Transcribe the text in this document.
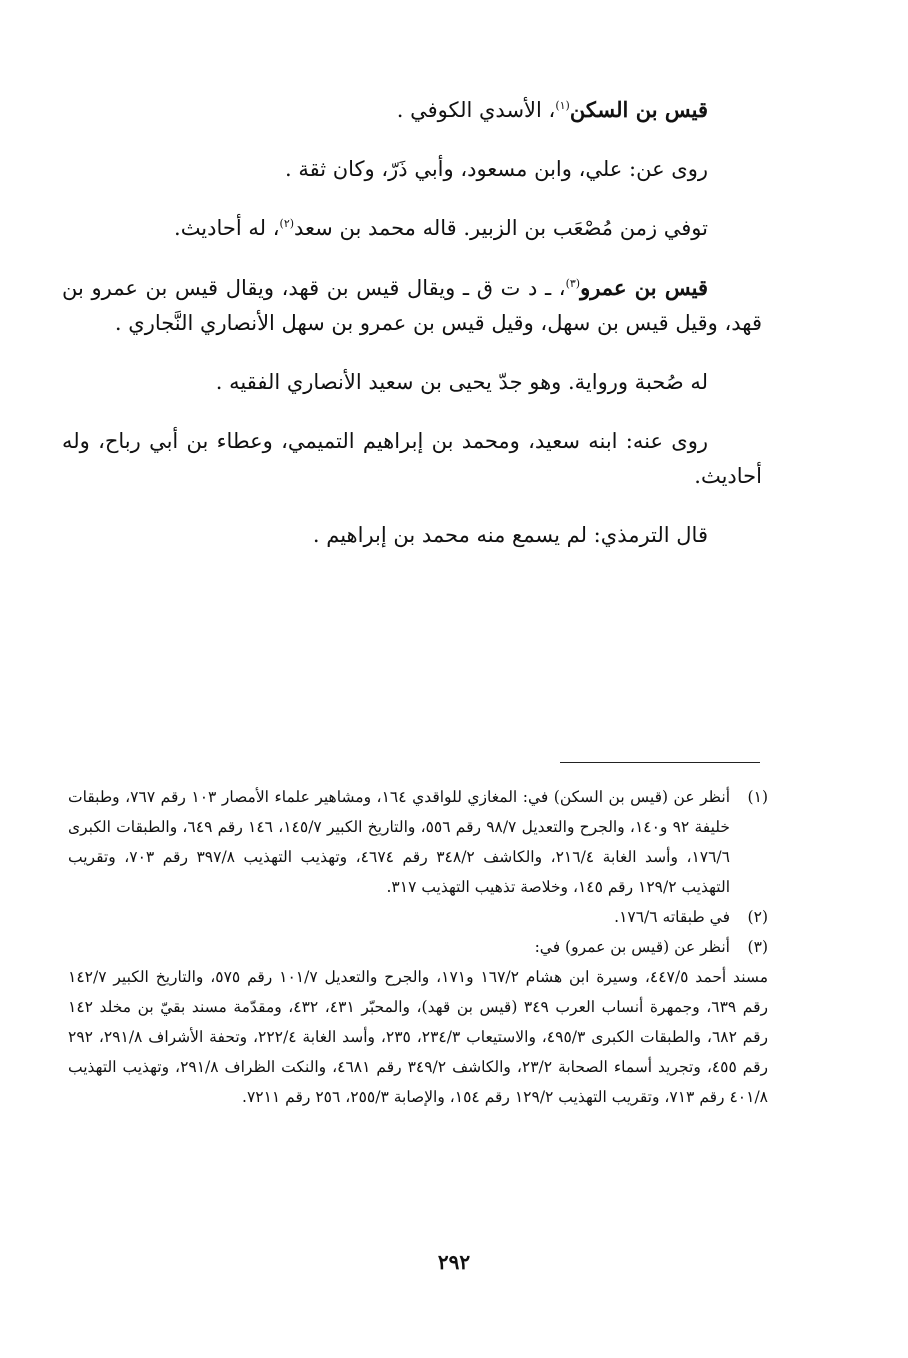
قيس بن السكن$^{(١)}$، الأسدي الكوفي .

روى عن: علي، وابن مسعود، وأبي ذَرّ، وكان ثقة .

توفي زمن مُصْعَب بن الزبير. قاله محمد بن سعد$^{(٢)}$، له أحاديث.

قيس بن عمرو$^{(٣)}$، ـ د ت ق ـ ويقال قيس بن قهد، ويقال قيس بن عمرو بن قهد، وقيل قيس بن سهل، وقيل قيس بن عمرو بن سهل الأنصاري النَّجاري .

له صُحبة ورواية. وهو جدّ يحيى بن سعيد الأنصاري الفقيه .

روى عنه: ابنه سعيد، ومحمد بن إبراهيم التميمي، وعطاء بن أبي رباح، وله أحاديث.

قال الترمذي: لم يسمع منه محمد بن إبراهيم .

(١)
أنظر عن (قيس بن السكن) في: المغازي للواقدي ١٦٤، ومشاهير علماء الأمصار ١٠٣ رقم ٧٦٧، وطبقات خليفة ٩٢ و١٤٠، والجرح والتعديل ٩٨/٧ رقم ٥٥٦، والتاريخ الكبير ١٤٥/٧، ١٤٦ رقم ٦٤٩، والطبقات الكبرى ١٧٦/٦، وأسد الغابة ٢١٦/٤، والكاشف ٣٤٨/٢ رقم ٤٦٧٤، وتهذيب التهذيب ٣٩٧/٨ رقم ٧٠٣، وتقريب التهذيب ١٢٩/٢ رقم ١٤٥، وخلاصة تذهيب التهذيب ٣١٧.
(٢)
في طبقاته ١٧٦/٦.
(٣)
أنظر عن (قيس بن عمرو) في:
مسند أحمد ٤٤٧/٥، وسيرة ابن هشام ١٦٧/٢ و١٧١، والجرح والتعديل ١٠١/٧ رقم ٥٧٥، والتاريخ الكبير ١٤٢/٧ رقم ٦٣٩، وجمهرة أنساب العرب ٣٤٩ (قيس بن قهد)، والمحبّر ٤٣١، ٤٣٢، ومقدّمة مسند بقيّ بن مخلد ١٤٢ رقم ٦٨٢، والطبقات الكبرى ٤٩٥/٣، والاستيعاب ٢٣٤/٣، ٢٣٥، وأسد الغابة ٢٢٢/٤، وتحفة الأشراف ٢٩١/٨، ٢٩٢ رقم ٤٥٥، وتجريد أسماء الصحابة ٢٣/٢، والكاشف ٣٤٩/٢ رقم ٤٦٨١، والنكت الظراف ٢٩١/٨، وتهذيب التهذيب ٤٠١/٨ رقم ٧١٣، وتقريب التهذيب ١٢٩/٢ رقم ١٥٤، والإصابة ٢٥٥/٣، ٢٥٦ رقم ٧٢١١.
٢٩٢
